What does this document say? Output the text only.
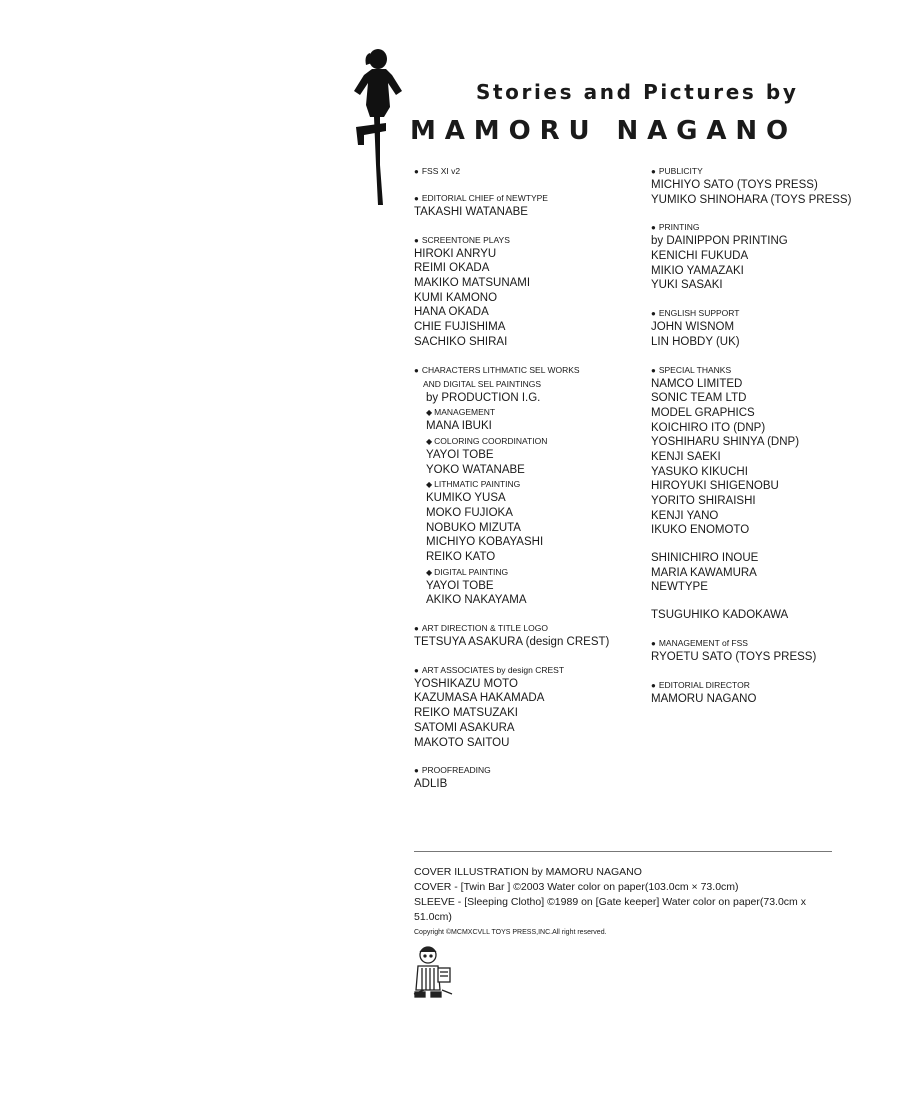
Stories and Pictures by
MAMORU NAGANO
● FSS XI v2
● EDITORIAL CHIEF of NEWTYPE
TAKASHI WATANABE
● SCREENTONE PLAYS
HIROKI ANRYU
REIMI OKADA
MAKIKO MATSUNAMI
KUMI KAMONO
HANA OKADA
CHIE FUJISHIMA
SACHIKO SHIRAI
● CHARACTERS LITHMATIC SEL WORKS
AND DIGITAL SEL PAINTINGS
by PRODUCTION I.G.
◆ MANAGEMENT
MANA IBUKI
◆ COLORING COORDINATION
YAYOI TOBE
YOKO WATANABE
◆ LITHMATIC PAINTING
KUMIKO YUSA
MOKO FUJIOKA
NOBUKO MIZUTA
MICHIYO KOBAYASHI
REIKO KATO
◆ DIGITAL PAINTING
YAYOI TOBE
AKIKO NAKAYAMA
● ART DIRECTION & TITLE LOGO
TETSUYA ASAKURA (design CREST)
● ART ASSOCIATES by design CREST
YOSHIKAZU MOTO
KAZUMASA HAKAMADA
REIKO MATSUZAKI
SATOMI ASAKURA
MAKOTO SAITOU
● PROOFREADING
ADLIB
● PUBLICITY
MICHIYO SATO (TOYS PRESS)
YUMIKO SHINOHARA (TOYS PRESS)
● PRINTING
by DAINIPPON PRINTING
KENICHI FUKUDA
MIKIO YAMAZAKI
YUKI SASAKI
● ENGLISH SUPPORT
JOHN WISNOM
LIN HOBDY (UK)
● SPECIAL THANKS
NAMCO LIMITED
SONIC TEAM LTD
MODEL GRAPHICS
KOICHIRO ITO (DNP)
YOSHIHARU SHINYA (DNP)
KENJI SAEKI
YASUKO KIKUCHI
HIROYUKI SHIGENOBU
YORITO SHIRAISHI
KENJI YANO
IKUKO ENOMOTO
SHINICHIRO INOUE
MARIA KAWAMURA
NEWTYPE
TSUGUHIKO KADOKAWA
● MANAGEMENT of FSS
RYOETU SATO (TOYS PRESS)
● EDITORIAL DIRECTOR
MAMORU NAGANO
COVER ILLUSTRATION by MAMORU NAGANO
COVER - [Twin Bar ] ©2003 Water color on paper(103.0cm × 73.0cm)
SLEEVE - [Sleeping Clotho] ©1989 on [Gate keeper] Water color on paper(73.0cm x 51.0cm)
Copyright ©MCMXCVLL TOYS PRESS,INC.All right reserved.
